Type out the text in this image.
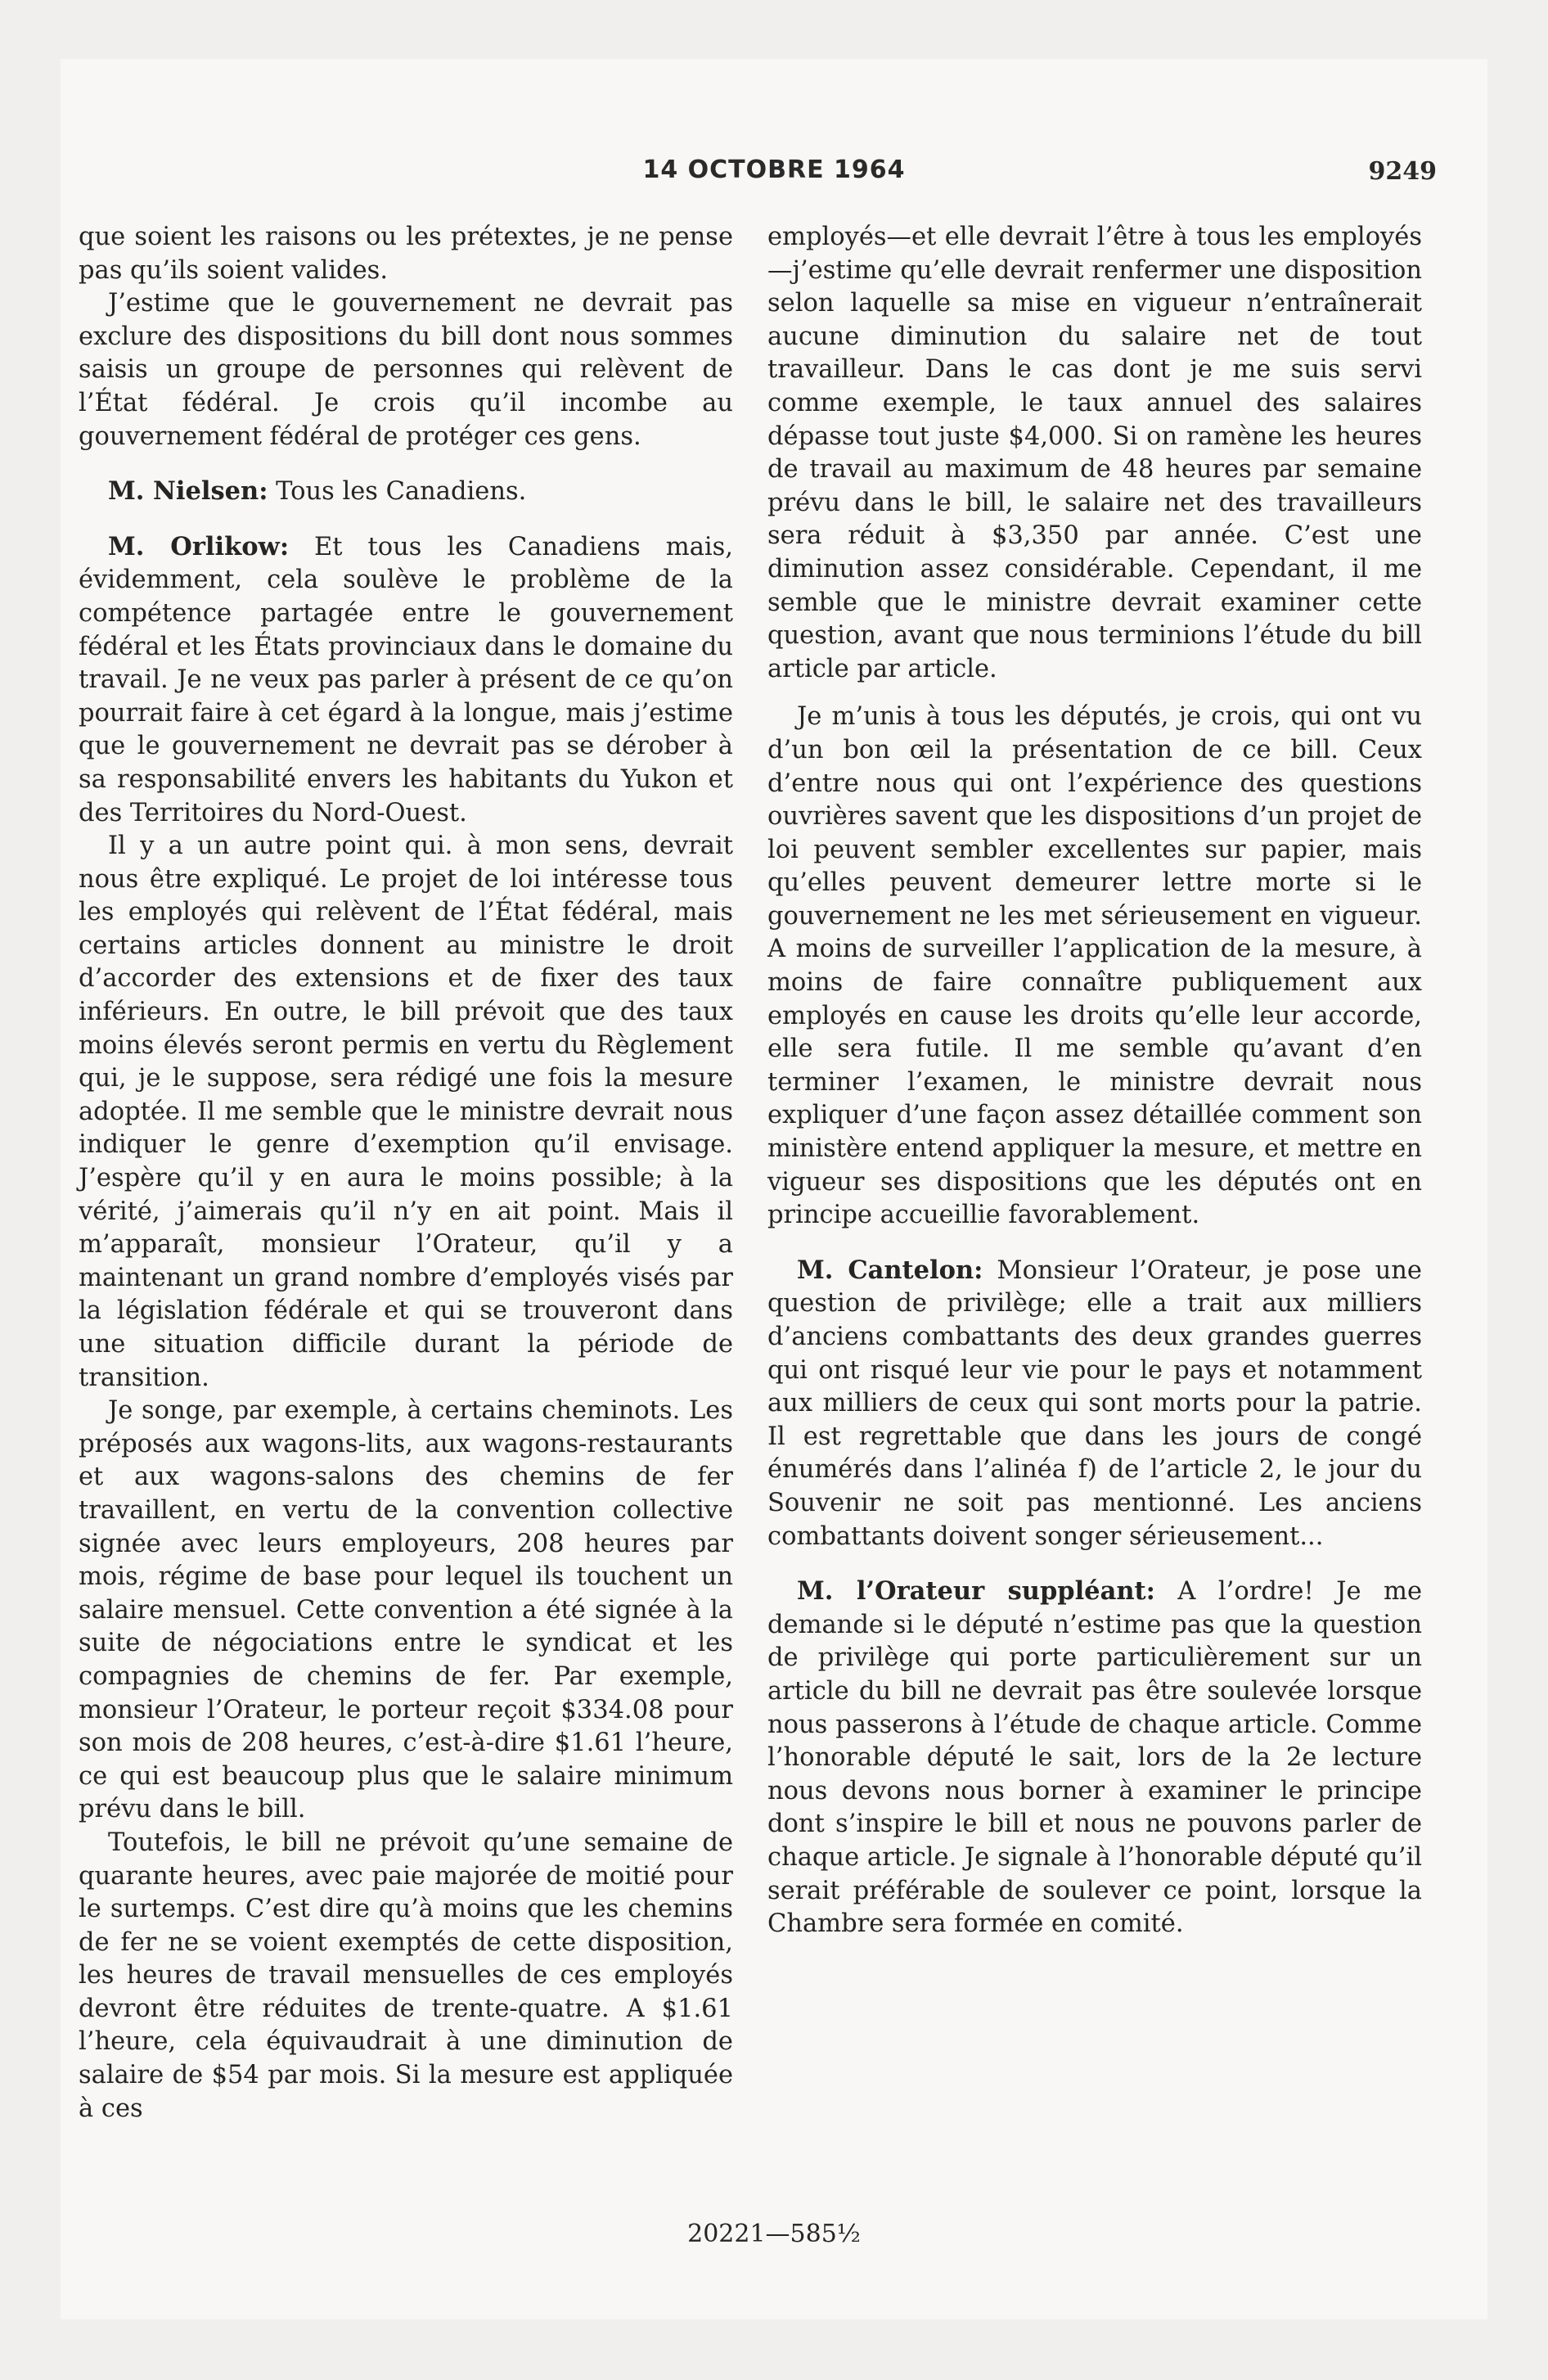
14 OCTOBRE 1964	9249

que soient les raisons ou les prétextes, je ne pense pas qu’ils soient valides.

J’estime que le gouvernement ne devrait pas exclure des dispositions du bill dont nous sommes saisis un groupe de personnes qui relèvent de l’État fédéral. Je crois qu’il incombe au gouvernement fédéral de protéger ces gens.

M. Nielsen: Tous les Canadiens.

M. Orlikow: Et tous les Canadiens mais, évidemment, cela soulève le problème de la compétence partagée entre le gouvernement fédéral et les États provinciaux dans le domaine du travail. Je ne veux pas parler à présent de ce qu’on pourrait faire à cet égard à la longue, mais j’estime que le gouvernement ne devrait pas se dérober à sa responsabilité envers les habitants du Yukon et des Territoires du Nord-Ouest.

Il y a un autre point qui. à mon sens, devrait nous être expliqué. Le projet de loi intéresse tous les employés qui relèvent de l’État fédéral, mais certains articles donnent au ministre le droit d’accorder des extensions et de fixer des taux inférieurs. En outre, le bill prévoit que des taux moins élevés seront permis en vertu du Règlement qui, je le suppose, sera rédigé une fois la mesure adoptée. Il me semble que le ministre devrait nous indiquer le genre d’exemption qu’il envisage. J’espère qu’il y en aura le moins possible; à la vérité, j’aimerais qu’il n’y en ait point. Mais il m’apparaît, monsieur l’Orateur, qu’il y a maintenant un grand nombre d’employés visés par la législation fédérale et qui se trouveront dans une situation difficile durant la période de transition.

Je songe, par exemple, à certains cheminots. Les préposés aux wagons-lits, aux wagons-restaurants et aux wagons-salons des chemins de fer travaillent, en vertu de la convention collective signée avec leurs employeurs, 208 heures par mois, régime de base pour lequel ils touchent un salaire mensuel. Cette convention a été signée à la suite de négociations entre le syndicat et les compagnies de chemins de fer. Par exemple, monsieur l’Orateur, le porteur reçoit $334.08 pour son mois de 208 heures, c’est-à-dire $1.61 l’heure, ce qui est beaucoup plus que le salaire minimum prévu dans le bill.

Toutefois, le bill ne prévoit qu’une semaine de quarante heures, avec paie majorée de moitié pour le surtemps. C’est dire qu’à moins que les chemins de fer ne se voient exemptés de cette disposition, les heures de travail mensuelles de ces employés devront être réduites de trente-quatre. A $1.61 l’heure, cela équivaudrait à une diminution de salaire de $54 par mois. Si la mesure est appliquée à ces

employés—et elle devrait l’être à tous les employés—j’estime qu’elle devrait renfermer une disposition selon laquelle sa mise en vigueur n’entraînerait aucune diminution du salaire net de tout travailleur. Dans le cas dont je me suis servi comme exemple, le taux annuel des salaires dépasse tout juste $4,000. Si on ramène les heures de travail au maximum de 48 heures par semaine prévu dans le bill, le salaire net des travailleurs sera réduit à $3,350 par année. C’est une diminution assez considérable. Cependant, il me semble que le ministre devrait examiner cette question, avant que nous terminions l’étude du bill article par article.

Je m’unis à tous les députés, je crois, qui ont vu d’un bon œil la présentation de ce bill. Ceux d’entre nous qui ont l’expérience des questions ouvrières savent que les dispositions d’un projet de loi peuvent sembler excellentes sur papier, mais qu’elles peuvent demeurer lettre morte si le gouvernement ne les met sérieusement en vigueur. A moins de surveiller l’application de la mesure, à moins de faire connaître publiquement aux employés en cause les droits qu’elle leur accorde, elle sera futile. Il me semble qu’avant d’en terminer l’examen, le ministre devrait nous expliquer d’une façon assez détaillée comment son ministère entend appliquer la mesure, et mettre en vigueur ses dispositions que les députés ont en principe accueillie favorablement.

M. Cantelon: Monsieur l’Orateur, je pose une question de privilège; elle a trait aux milliers d’anciens combattants des deux grandes guerres qui ont risqué leur vie pour le pays et notamment aux milliers de ceux qui sont morts pour la patrie. Il est regrettable que dans les jours de congé énumérés dans l’alinéa f) de l’article 2, le jour du Souvenir ne soit pas mentionné. Les anciens combattants doivent songer sérieusement...

M. l’Orateur suppléant: A l’ordre! Je me demande si le député n’estime pas que la question de privilège qui porte particulièrement sur un article du bill ne devrait pas être soulevée lorsque nous passerons à l’étude de chaque article. Comme l’honorable député le sait, lors de la 2e lecture nous devons nous borner à examiner le principe dont s’inspire le bill et nous ne pouvons parler de chaque article. Je signale à l’honorable député qu’il serait préférable de soulever ce point, lorsque la Chambre sera formée en comité.

20221—585½
